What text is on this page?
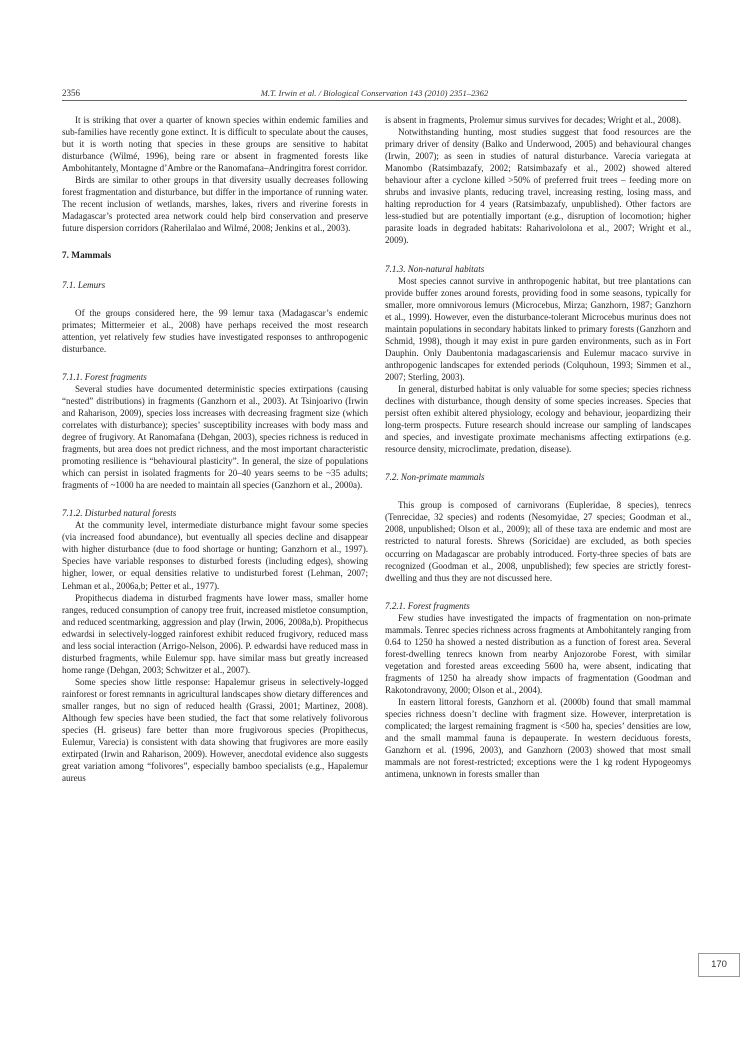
2356	M.T. Irwin et al. / Biological Conservation 143 (2010) 2351–2362

It is striking that over a quarter of known species within endemic families and sub-families have recently gone extinct. It is difficult to speculate about the causes, but it is worth noting that species in these groups are sensitive to habitat disturbance (Wilmé, 1996), being rare or absent in fragmented forests like Ambohitantely, Montagne d’Ambre or the Ranomafana–Andringitra forest corridor.

Birds are similar to other groups in that diversity usually decreases following forest fragmentation and disturbance, but differ in the importance of running water. The recent inclusion of wetlands, marshes, lakes, rivers and riverine forests in Madagascar’s protected area network could help bird conservation and preserve future dispersion corridors (Raherilalao and Wilmé, 2008; Jenkins et al., 2003).

7. Mammals
7.1. Lemurs

Of the groups considered here, the 99 lemur taxa (Madagascar’s endemic primates; Mittermeier et al., 2008) have perhaps received the most research attention, yet relatively few studies have investigated responses to anthropogenic disturbance.

7.1.1. Forest fragments

Several studies have documented deterministic species extirpations (causing “nested” distributions) in fragments (Ganzhorn et al., 2003). At Tsinjoarivo (Irwin and Raharison, 2009), species loss increases with decreasing fragment size (which correlates with disturbance); species’ susceptibility increases with body mass and degree of frugivory. At Ranomafana (Dehgan, 2003), species richness is reduced in fragments, but area does not predict richness, and the most important characteristic promoting resilience is “behavioural plasticity”. In general, the size of populations which can persist in isolated fragments for 20–40 years seems to be ~35 adults; fragments of ~1000 ha are needed to maintain all species (Ganzhorn et al., 2000a).

7.1.2. Disturbed natural forests

At the community level, intermediate disturbance might favour some species (via increased food abundance), but eventually all species decline and disappear with higher disturbance (due to food shortage or hunting; Ganzhorn et al., 1997). Species have variable responses to disturbed forests (including edges), showing higher, lower, or equal densities relative to undisturbed forest (Lehman, 2007; Lehman et al., 2006a,b; Petter et al., 1977).

Propithecus diadema in disturbed fragments have lower mass, smaller home ranges, reduced consumption of canopy tree fruit, increased mistletoe consumption, and reduced scentmarking, aggression and play (Irwin, 2006, 2008a,b). Propithecus edwardsi in selectively-logged rainforest exhibit reduced frugivory, reduced mass and less social interaction (Arrigo-Nelson, 2006). P. edwardsi have reduced mass in disturbed fragments, while Eulemur spp. have similar mass but greatly increased home range (Dehgan, 2003; Schwitzer et al., 2007).

Some species show little response: Hapalemur griseus in selectively-logged rainforest or forest remnants in agricultural landscapes show dietary differences and smaller ranges, but no sign of reduced health (Grassi, 2001; Martinez, 2008). Although few species have been studied, the fact that some relatively folivorous species (H. griseus) fare better than more frugivorous species (Propithecus, Eulemur, Varecia) is consistent with data showing that frugivores are more easily extirpated (Irwin and Raharison, 2009). However, anecdotal evidence also suggests great variation among “folivores”, especially bamboo specialists (e.g., Hapalemur aureus

is absent in fragments, Prolemur simus survives for decades; Wright et al., 2008).

Notwithstanding hunting, most studies suggest that food resources are the primary driver of density (Balko and Underwood, 2005) and behavioural changes (Irwin, 2007); as seen in studies of natural disturbance. Varecia variegata at Manombo (Ratsimbazafy, 2002; Ratsimbazafy et al., 2002) showed altered behaviour after a cyclone killed >50% of preferred fruit trees – feeding more on shrubs and invasive plants, reducing travel, increasing resting, losing mass, and halting reproduction for 4 years (Ratsimbazafy, unpublished). Other factors are less-studied but are potentially important (e.g., disruption of locomotion; higher parasite loads in degraded habitats: Raharivololona et al., 2007; Wright et al., 2009).

7.1.3. Non-natural habitats

Most species cannot survive in anthropogenic habitat, but tree plantations can provide buffer zones around forests, providing food in some seasons, typically for smaller, more omnivorous lemurs (Microcebus, Mirza; Ganzhorn, 1987; Ganzhorn et al., 1999). However, even the disturbance-tolerant Microcebus murinus does not maintain populations in secondary habitats linked to primary forests (Ganzhorn and Schmid, 1998), though it may exist in pure garden environments, such as in Fort Dauphin. Only Daubentonia madagascariensis and Eulemur macaco survive in anthropogenic landscapes for extended periods (Colquhoun, 1993; Simmen et al., 2007; Sterling, 2003).

In general, disturbed habitat is only valuable for some species; species richness declines with disturbance, though density of some species increases. Species that persist often exhibit altered physiology, ecology and behaviour, jeopardizing their long-term prospects. Future research should increase our sampling of landscapes and species, and investigate proximate mechanisms affecting extirpations (e.g. resource density, microclimate, predation, disease).

7.2. Non-primate mammals

This group is composed of carnivorans (Eupleridae, 8 species), tenrecs (Tenrecidae, 32 species) and rodents (Nesomyidae, 27 species; Goodman et al., 2008, unpublished; Olson et al., 2009); all of these taxa are endemic and most are restricted to natural forests. Shrews (Soricidae) are excluded, as both species occurring on Madagascar are probably introduced. Forty-three species of bats are recognized (Goodman et al., 2008, unpublished); few species are strictly forest-dwelling and thus they are not discussed here.

7.2.1. Forest fragments

Few studies have investigated the impacts of fragmentation on non-primate mammals. Tenrec species richness across fragments at Ambohitantely ranging from 0.64 to 1250 ha showed a nested distribution as a function of forest area. Several forest-dwelling tenrecs known from nearby Anjozorobe Forest, with similar vegetation and forested areas exceeding 5600 ha, were absent, indicating that fragments of 1250 ha already show impacts of fragmentation (Goodman and Rakotondravony, 2000; Olson et al., 2004).

In eastern littoral forests, Ganzhorn et al. (2000b) found that small mammal species richness doesn’t decline with fragment size. However, interpretation is complicated; the largest remaining fragment is <500 ha, species’ densities are low, and the small mammal fauna is depauperate. In western deciduous forests, Ganzhorn et al. (1996, 2003), and Ganzhorn (2003) showed that most small mammals are not forest-restricted; exceptions were the 1 kg rodent Hypogeomys antimena, unknown in forests smaller than

170
